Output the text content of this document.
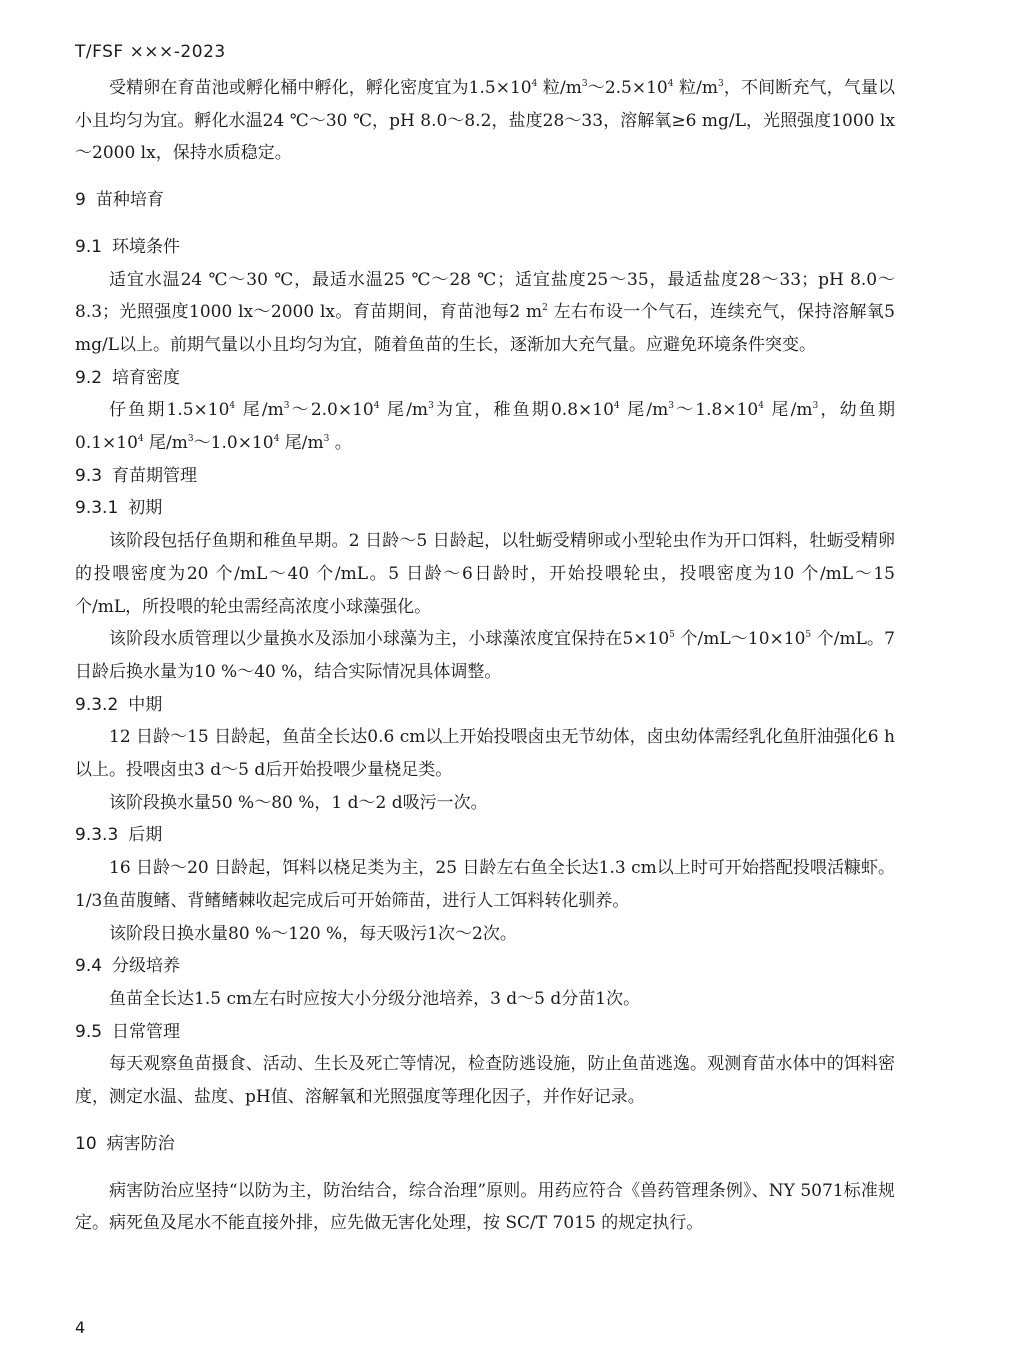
T/FSF ×××-2023

受精卵在育苗池或孵化桶中孵化，孵化密度宜为$1.5\times 10^4$ 粒$/m^3\sim 2.5\times 10^4$ 粒$/m^3$，不间断充气，气量以小且均匀为宜。孵化水温24 ℃～30 ℃，pH 8.0～8.2，盐度28～33，溶解氧≥6 mg/L，光照强度1000 lx～2000 lx，保持水质稳定。

9 苗种培育
9.1 环境条件

适宜水温24 ℃～30 ℃，最适水温25 ℃～28 ℃；适宜盐度25～35，最适盐度28～33；pH 8.0～8.3；光照强度1000 lx～2000 lx。育苗期间，育苗池每2 $m^2$ 左右布设一个气石，连续充气，保持溶解氧5 mg/L以上。前期气量以小且均匀为宜，随着鱼苗的生长，逐渐加大充气量。应避免环境条件突变。

9.2 培育密度

仔鱼期$1.5\times 10^4$ 尾$/m^3\sim 2.0\times 10^4$ 尾$/m^3$为宜，稚鱼期$0.8\times 10^4$ 尾$/m^3\sim 1.8\times 10^4$ 尾$/m^3$，幼鱼期$0.1\times 10^4$ 尾$/m^3\sim 1.0\times 10^4$ 尾$/m^3$ 。

9.3 育苗期管理
9.3.1 初期

该阶段包括仔鱼期和稚鱼早期。2 日龄～5 日龄起，以牡蛎受精卵或小型轮虫作为开口饵料，牡蛎受精卵的投喂密度为20 个/mL～40 个/mL。5 日龄～6日龄时，开始投喂轮虫，投喂密度为10 个/mL～15 个/mL，所投喂的轮虫需经高浓度小球藻强化。

该阶段水质管理以少量换水及添加小球藻为主，小球藻浓度宜保持在$5\times 10^5$ 个$/mL\sim 10\times 10^5$ 个/mL。7 日龄后换水量为10 %～40 %，结合实际情况具体调整。

9.3.2 中期

12 日龄～15 日龄起，鱼苗全长达0.6 cm以上开始投喂卤虫无节幼体，卤虫幼体需经乳化鱼肝油强化6 h以上。投喂卤虫3 d～5 d后开始投喂少量桡足类。

该阶段换水量50 %～80 %，1 d～2 d吸污一次。

9.3.3 后期

16 日龄～20 日龄起，饵料以桡足类为主，25 日龄左右鱼全长达1.3 cm以上时可开始搭配投喂活糠虾。1/3鱼苗腹鳍、背鳍鳍棘收起完成后可开始筛苗，进行人工饵料转化驯养。

该阶段日换水量80 %～120 %，每天吸污1次～2次。

9.4 分级培养

鱼苗全长达1.5 cm左右时应按大小分级分池培养，3 d～5 d分苗1次。

9.5 日常管理

每天观察鱼苗摄食、活动、生长及死亡等情况，检查防逃设施，防止鱼苗逃逸。观测育苗水体中的饵料密度，测定水温、盐度、pH值、溶解氧和光照强度等理化因子，并作好记录。

10 病害防治

病害防治应坚持“以防为主，防治结合，综合治理”原则。用药应符合《兽药管理条例》、NY 5071标准规定。病死鱼及尾水不能直接外排，应先做无害化处理，按 SC/T 7015 的规定执行。

4
